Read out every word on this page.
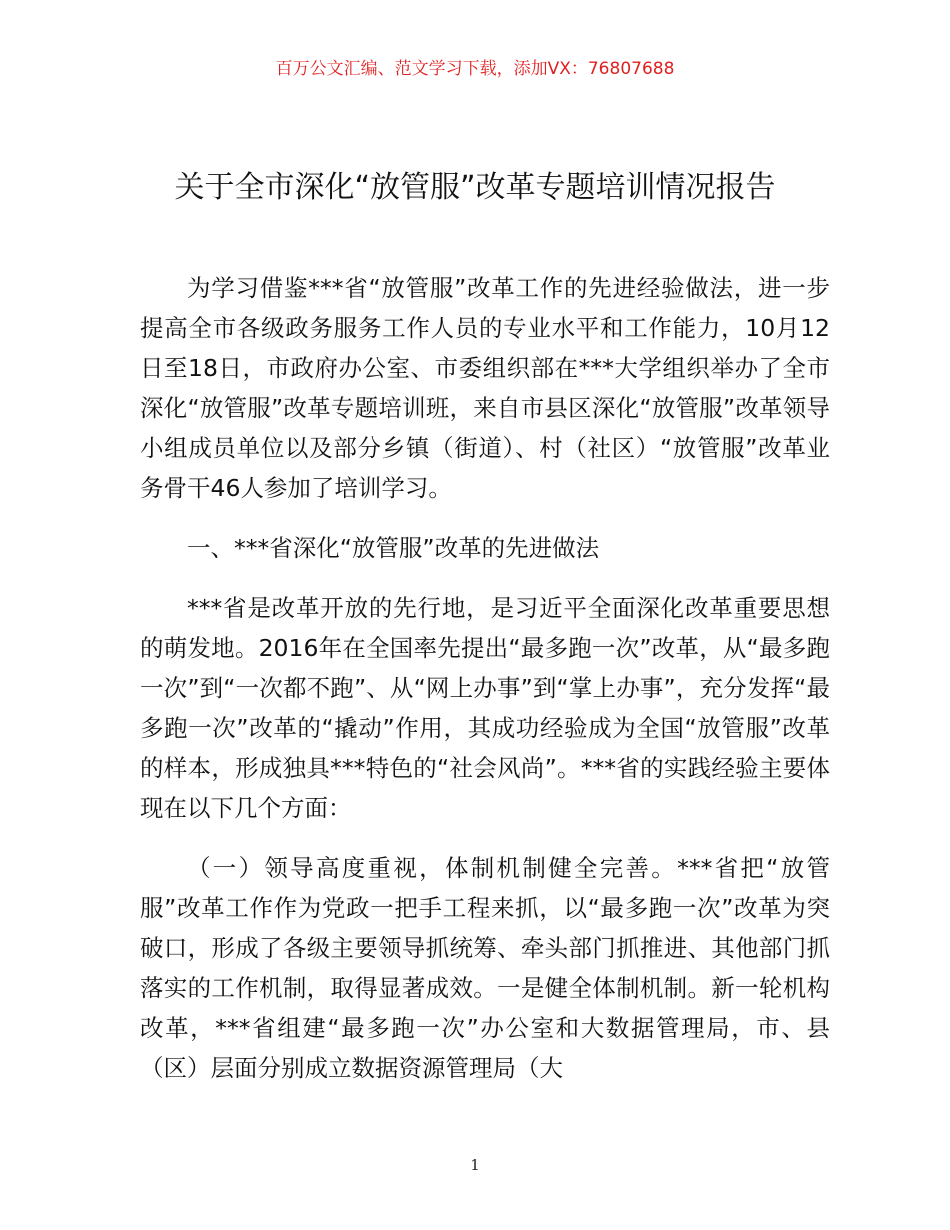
百万公文汇编、范文学习下载，添加VX：76807688
关于全市深化“放管服”改革专题培训情况报告

为学习借鉴***省“放管服”改革工作的先进经验做法，进一步提高全市各级政务服务工作人员的专业水平和工作能力，10月12日至18日，市政府办公室、市委组织部在***大学组织举办了全市深化“放管服”改革专题培训班，来自市县区深化“放管服”改革领导小组成员单位以及部分乡镇（街道）、村（社区）“放管服”改革业务骨干46人参加了培训学习。

一、***省深化“放管服”改革的先进做法

***省是改革开放的先行地，是习近平全面深化改革重要思想的萌发地。2016年在全国率先提出“最多跑一次”改革，从“最多跑一次”到“一次都不跑”、从“网上办事”到“掌上办事”，充分发挥“最多跑一次”改革的“撬动”作用，其成功经验成为全国“放管服”改革的样本，形成独具***特色的“社会风尚”。***省的实践经验主要体现在以下几个方面：

（一）领导高度重视，体制机制健全完善。***省把“放管服”改革工作作为党政一把手工程来抓，以“最多跑一次”改革为突破口，形成了各级主要领导抓统筹、牵头部门抓推进、其他部门抓落实的工作机制，取得显著成效。一是健全体制机制。新一轮机构改革，***省组建“最多跑一次”办公室和大数据管理局，市、县（区）层面分别成立数据资源管理局（大

1
